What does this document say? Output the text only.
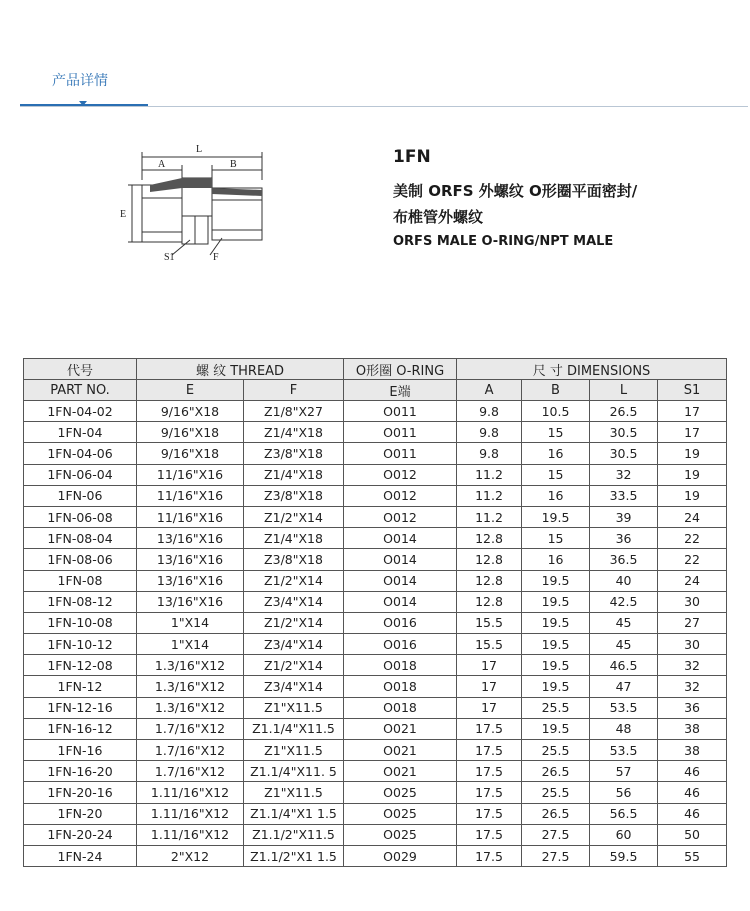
产品详情
L
A	B
E
S1	F
1FN
美制 ORFS 外螺纹 O形圈平面密封/
布椎管外螺纹
ORFS MALE O-RING/NPT MALE
代号	螺 纹 THREAD		O形圈 O-RING	尺 寸 DIMENSIONS			
PART NO.	E	F	E端	A	B	L	S1
1FN-04-02	9/16"X18	Z1/8"X27	O011	9.8	10.5	26.5	17
1FN-04	9/16"X18	Z1/4"X18	O011	9.8	15	30.5	17
1FN-04-06	9/16"X18	Z3/8"X18	O011	9.8	16	30.5	19
1FN-06-04	11/16"X16	Z1/4"X18	O012	11.2	15	32	19
1FN-06	11/16"X16	Z3/8"X18	O012	11.2	16	33.5	19
1FN-06-08	11/16"X16	Z1/2"X14	O012	11.2	19.5	39	24
1FN-08-04	13/16"X16	Z1/4"X18	O014	12.8	15	36	22
1FN-08-06	13/16"X16	Z3/8"X18	O014	12.8	16	36.5	22
1FN-08	13/16"X16	Z1/2"X14	O014	12.8	19.5	40	24
1FN-08-12	13/16"X16	Z3/4"X14	O014	12.8	19.5	42.5	30
1FN-10-08	1"X14	Z1/2"X14	O016	15.5	19.5	45	27
1FN-10-12	1"X14	Z3/4"X14	O016	15.5	19.5	45	30
1FN-12-08	1.3/16"X12	Z1/2"X14	O018	17	19.5	46.5	32
1FN-12	1.3/16"X12	Z3/4"X14	O018	17	19.5	47	32
1FN-12-16	1.3/16"X12	Z1"X11.5	O018	17	25.5	53.5	36
1FN-16-12	1.7/16"X12	Z1.1/4"X11.5	O021	17.5	19.5	48	38
1FN-16	1.7/16"X12	Z1"X11.5	O021	17.5	25.5	53.5	38
1FN-16-20	1.7/16"X12	Z1.1/4"X11. 5	O021	17.5	26.5	57	46
1FN-20-16	1.11/16"X12	Z1"X11.5	O025	17.5	25.5	56	46
1FN-20	1.11/16"X12	Z1.1/4"X1 1.5	O025	17.5	26.5	56.5	46
1FN-20-24	1.11/16"X12	Z1.1/2"X11.5	O025	17.5	27.5	60	50
1FN-24	2"X12	Z1.1/2"X1 1.5	O029	17.5	27.5	59.5	55
